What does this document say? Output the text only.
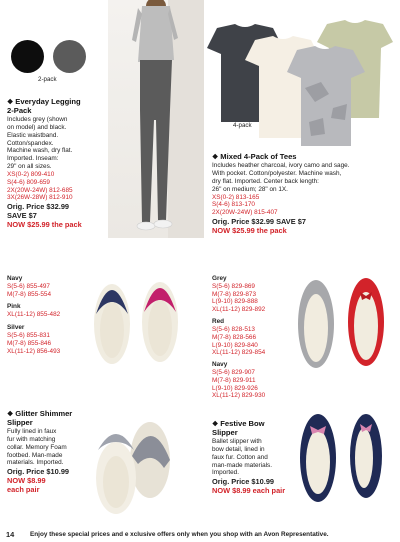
2-pack
❖ Everyday Legging
2-Pack
Includes grey (shown
on model) and black.
Elastic waistband.
Cotton/spandex.
Machine wash, dry flat.
Imported. Inseam:
29" on all sizes.
XS(0-2) 809-410
S(4-6) 809-659
2X(20W-24W) 812-685
3X(26W-28W) 812-910
Orig. Price $32.99
SAVE $7
NOW $25.99 the pack
4-pack
❖ Mixed 4-Pack of Tees
Includes heather charcoal, ivory camo and sage.
With pocket. Cotton/polyester. Machine wash,
dry flat. Imported. Center back length:
26" on medium; 28" on 1X.
XS(0-2) 813-165
S(4-6) 813-170
2X(20W-24W) 815-407
Orig. Price $32.99 SAVE $7
NOW $25.99 the pack
Navy
S(5-6) 855-497
M(7-8) 855-554
Pink
XL(11-12) 855-482
Silver
S(5-6) 855-831
M(7-8) 855-846
XL(11-12) 856-493
❖ Glitter Shimmer
Slipper
Fully lined in faux
fur with matching
collar. Memory Foam
footbed. Man-made
materials. Imported.
Orig. Price $10.99
NOW $8.99
each pair
Grey
S(5-6) 829-869
M(7-8) 829-873
L(9-10) 829-888
XL(11-12) 829-892
Red
S(5-6) 828-513
M(7-8) 828-566
L(9-10) 829-840
XL(11-12) 829-854
Navy
S(5-6) 829-907
M(7-8) 829-911
L(9-10) 829-926
XL(11-12) 829-930
❖ Festive Bow
Slipper
Ballet slipper with
bow detail, lined in
faux fur. Cotton and
man-made materials.
Imported.
Orig. Price $10.99
NOW $8.99 each pair
14 Enjoy these special prices and e xclusive offers only when you shop with an Avon Representative.
